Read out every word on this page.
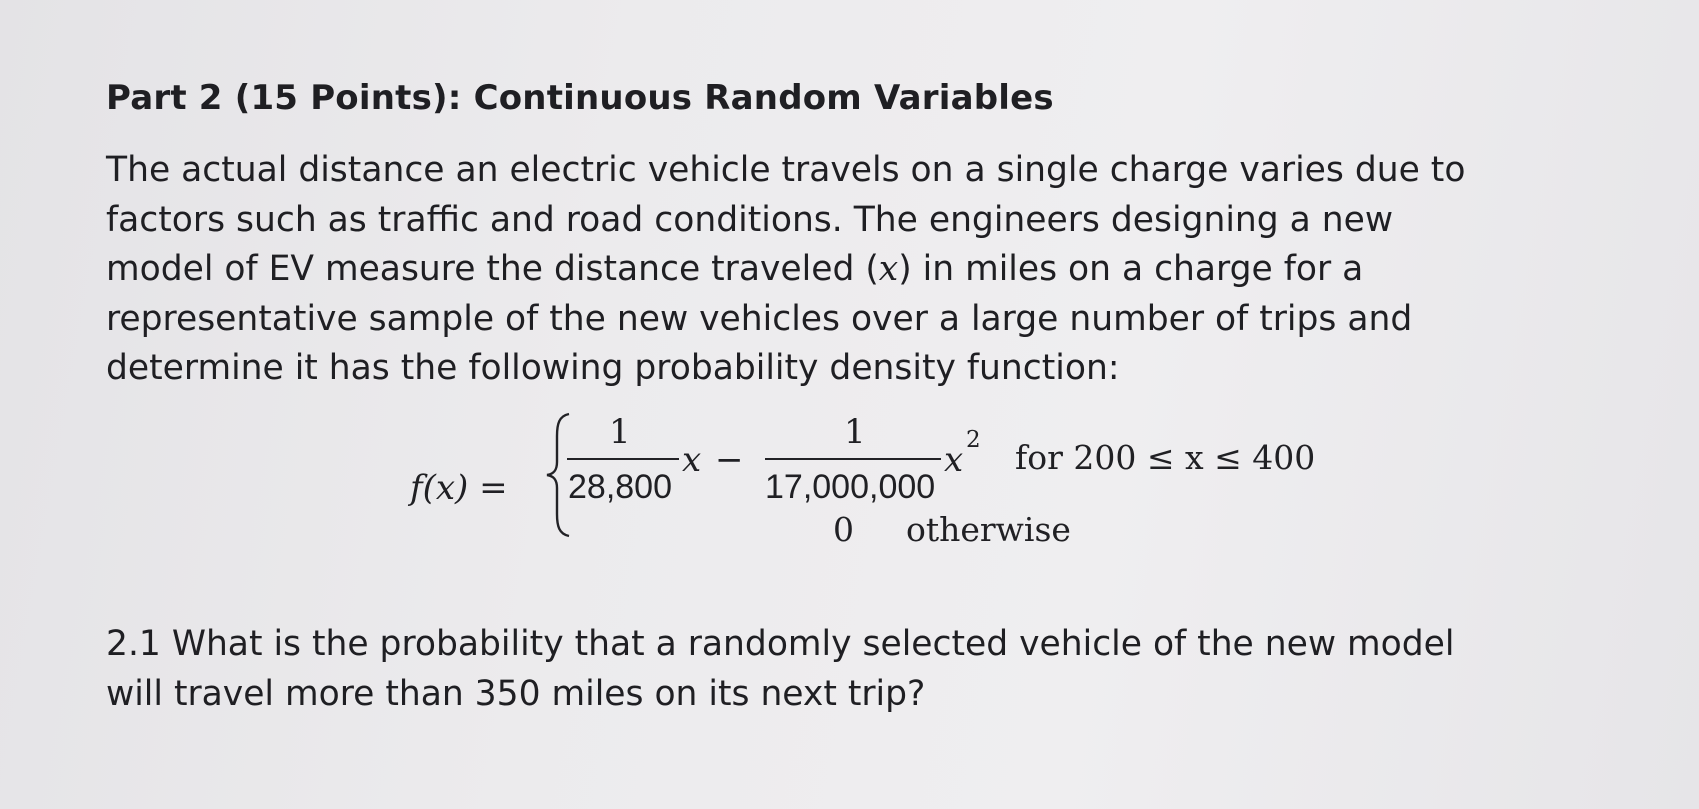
Part 2 (15 Points): Continuous Random Variables
The actual distance an electric vehicle travels on a single charge varies due to
factors such as traffic and road conditions. The engineers designing a new
model of EV measure the distance traveled (x) in miles on a charge for a
representative sample of the new vehicles over a large number of trips and
determine it has the following probability density function:
f(x) =
1
28,800
x −
1
17,000,000
x 2 for 200 ≤ x ≤ 400
0 otherwise
2.1 What is the probability that a randomly selected vehicle of the new model
will travel more than 350 miles on its next trip?
